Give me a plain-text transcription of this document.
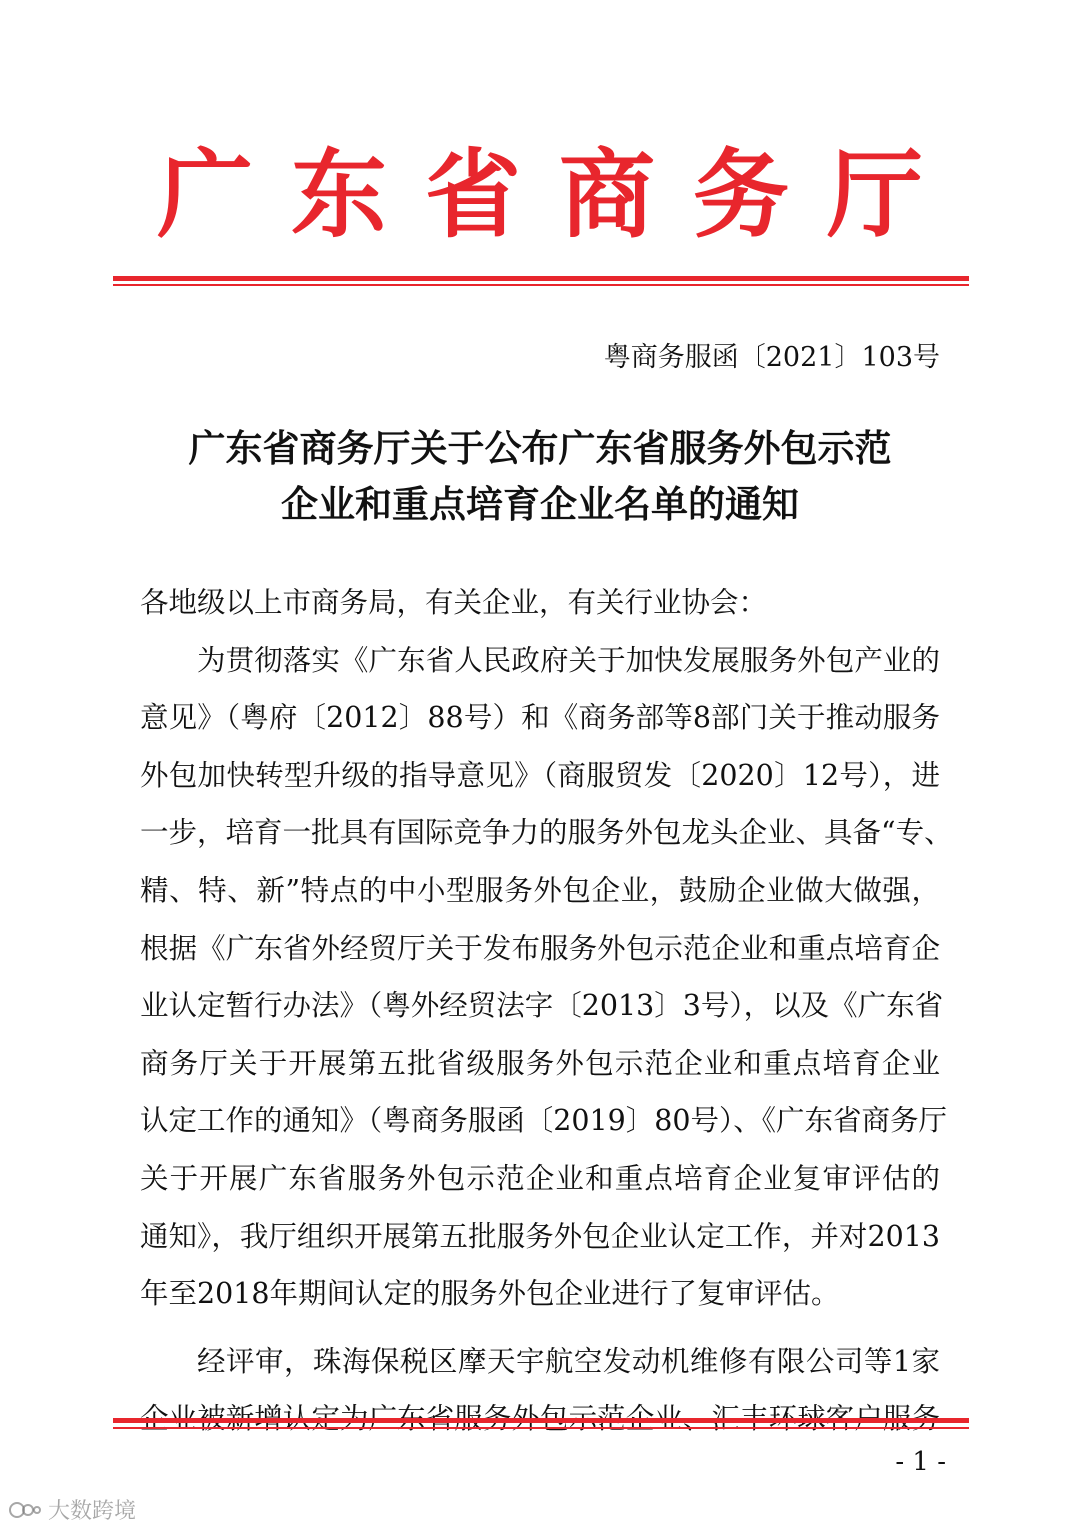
广东省商务厅
粤商务服函〔2021〕103号
广东省商务厅关于公布广东省服务外包示范
企业和重点培育企业名单的通知
各地级以上市商务局，有关企业，有关行业协会：
为贯彻落实《广东省人民政府关于加快发展服务外包产业的
意见》（粤府〔2012〕88号）和《商务部等8部门关于推动服务
外包加快转型升级的指导意见》（商服贸发〔2020〕12号），进
一步，培育一批具有国际竞争力的服务外包龙头企业、具备“专、
精、特、新”特点的中小型服务外包企业，鼓励企业做大做强，
根据《广东省外经贸厅关于发布服务外包示范企业和重点培育企
业认定暂行办法》（粤外经贸法字〔2013〕3号），以及《广东省
商务厅关于开展第五批省级服务外包示范企业和重点培育企业
认定工作的通知》（粤商务服函〔2019〕80号）、《广东省商务厅
关于开展广东省服务外包示范企业和重点培育企业复审评估的
通知》，我厅组织开展第五批服务外包企业认定工作，并对2013
年至2018年期间认定的服务外包企业进行了复审评估。
经评审，珠海保税区摩天宇航空发动机维修有限公司等1家
- 1 -
大数跨境
